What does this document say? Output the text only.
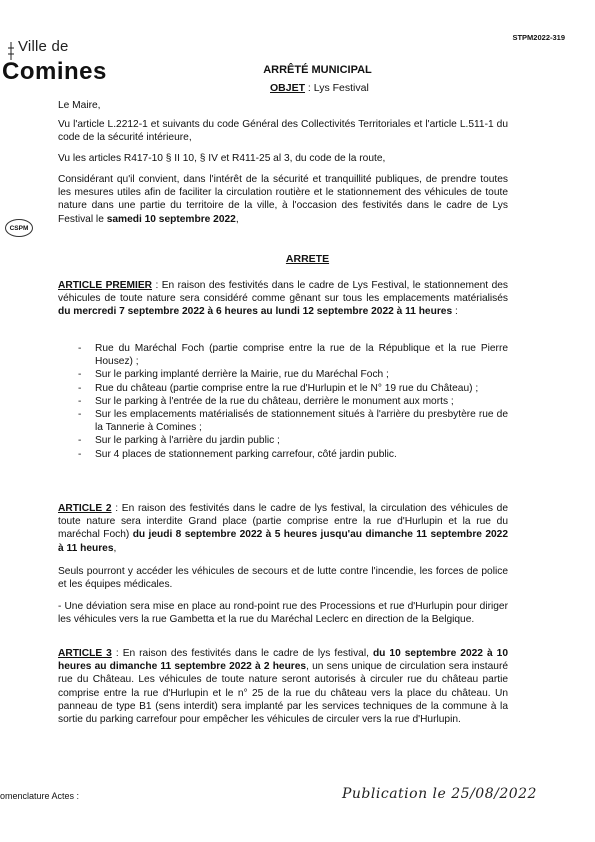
Ville de
Comines
STPM2022-319
ARRÊTÉ MUNICIPAL
OBJET : Lys Festival
CSPM
Le Maire,
Vu l'article L.2212-1 et suivants du code Général des Collectivités Territoriales et l'article L.511-1 du code de la sécurité intérieure,
Vu les articles R417-10 § II 10, § IV et R411-25 al 3, du code de la route,
Considérant qu'il convient, dans l'intérêt de la sécurité et tranquillité publiques, de prendre toutes les mesures utiles afin de faciliter la circulation routière et le stationnement des véhicules de toute nature dans une partie du territoire de la ville, à l'occasion des festivités dans le cadre de Lys Festival le samedi 10 septembre 2022,
ARRETE
ARTICLE PREMIER : En raison des festivités dans le cadre de Lys Festival, le stationnement des véhicules de toute nature sera considéré comme gênant sur tous les emplacements matérialisés du mercredi 7 septembre 2022 à 6 heures au lundi 12 septembre 2022 à 11 heures :
- Rue du Maréchal Foch (partie comprise entre la rue de la République et la rue Pierre Housez) ;
- Sur le parking implanté derrière la Mairie, rue du Maréchal Foch ;
- Rue du château (partie comprise entre la rue d'Hurlupin et le N° 19 rue du Château) ;
- Sur le parking à l'entrée de la rue du château, derrière le monument aux morts ;
- Sur les emplacements matérialisés de stationnement situés à l'arrière du presbytère rue de la Tannerie à Comines ;
- Sur le parking à l'arrière du jardin public ;
- Sur 4 places de stationnement parking carrefour, côté jardin public.
ARTICLE 2 : En raison des festivités dans le cadre de lys festival, la circulation des véhicules de toute nature sera interdite Grand place (partie comprise entre la rue d'Hurlupin et la rue du maréchal Foch) du jeudi 8 septembre 2022 à 5 heures jusqu'au dimanche 11 septembre 2022 à 11 heures,
Seuls pourront y accéder les véhicules de secours et de lutte contre l'incendie, les forces de police et les équipes médicales.
- Une déviation sera mise en place au rond-point rue des Processions et rue d'Hurlupin pour diriger les véhicules vers la rue Gambetta et la rue du Maréchal Leclerc en direction de la Belgique.
ARTICLE 3 : En raison des festivités dans le cadre de lys festival, du 10 septembre 2022 à 10 heures au dimanche 11 septembre 2022 à 2 heures, un sens unique de circulation sera instauré rue du Château. Les véhicules de toute nature seront autorisés à circuler rue du château partie comprise entre la rue d'Hurlupin et le n° 25 de la rue du château vers la place du château. Un panneau de type B1 (sens interdit) sera implanté par les services techniques de la commune à la sortie du parking carrefour pour empêcher les véhicules de circuler vers la rue d'Hurlupin.
omenclature Actes :	Publication le 25/08/2022
